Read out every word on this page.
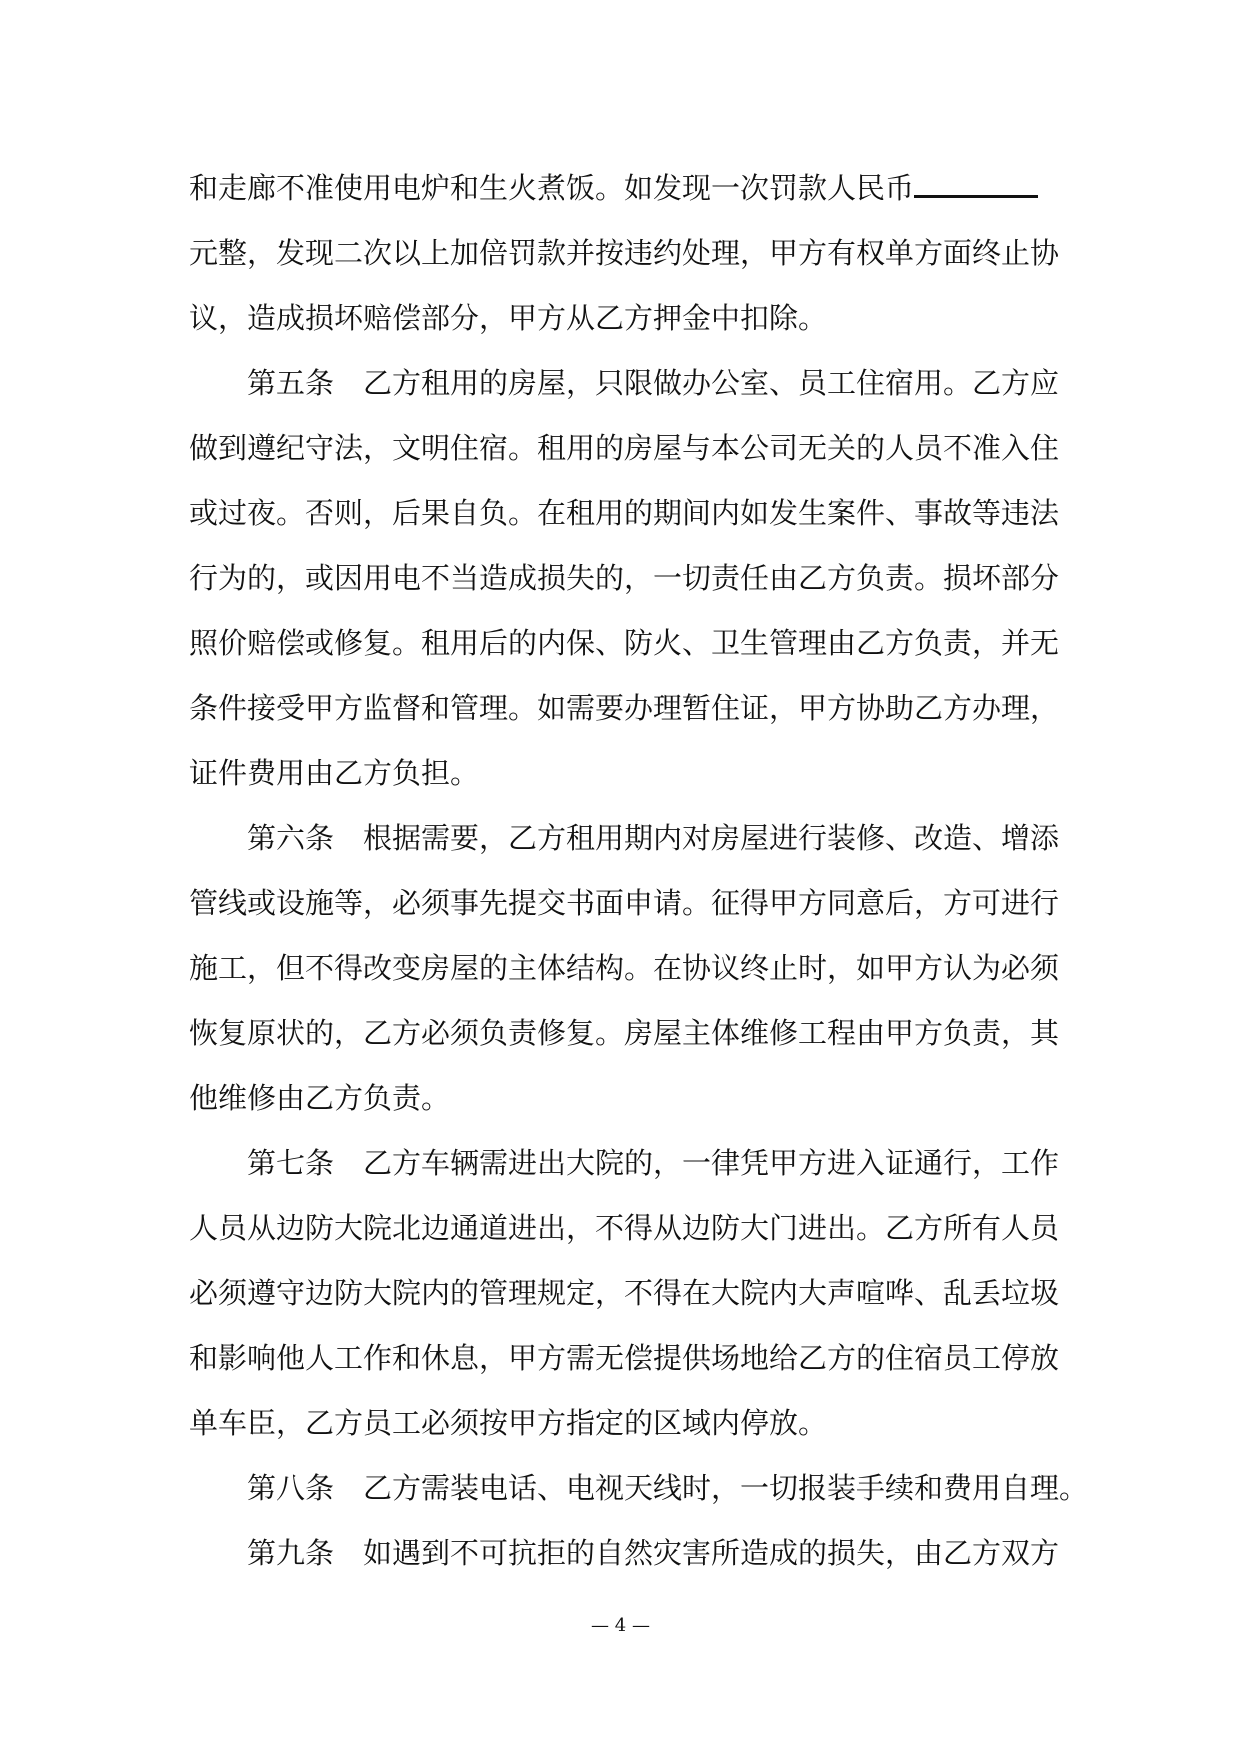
和走廊不准使用电炉和生火煮饭。如发现一次罚款人民币
元整，发现二次以上加倍罚款并按违约处理，甲方有权单方面终止协
议，造成损坏赔偿部分，甲方从乙方押金中扣除。
第五条　乙方租用的房屋，只限做办公室、员工住宿用。乙方应
做到遵纪守法，文明住宿。租用的房屋与本公司无关的人员不准入住
或过夜。否则，后果自负。在租用的期间内如发生案件、事故等违法
行为的，或因用电不当造成损失的，一切责任由乙方负责。损坏部分
照价赔偿或修复。租用后的内保、防火、卫生管理由乙方负责，并无
条件接受甲方监督和管理。如需要办理暂住证，甲方协助乙方办理，
证件费用由乙方负担。
第六条　根据需要，乙方租用期内对房屋进行装修、改造、增添
管线或设施等，必须事先提交书面申请。征得甲方同意后，方可进行
施工，但不得改变房屋的主体结构。在协议终止时，如甲方认为必须
恢复原状的，乙方必须负责修复。房屋主体维修工程由甲方负责，其
他维修由乙方负责。
第七条　乙方车辆需进出大院的，一律凭甲方进入证通行，工作
人员从边防大院北边通道进出，不得从边防大门进出。乙方所有人员
必须遵守边防大院内的管理规定，不得在大院内大声喧哗、乱丢垃圾
和影响他人工作和休息，甲方需无偿提供场地给乙方的住宿员工停放
单车臣，乙方员工必须按甲方指定的区域内停放。
第八条　乙方需装电话、电视天线时，一切报装手续和费用自理。
第九条　如遇到不可抗拒的自然灾害所造成的损失，由乙方双方
— 4 —
